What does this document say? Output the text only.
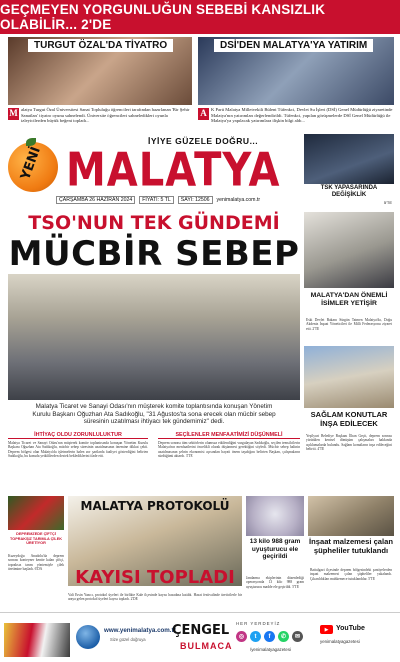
GEÇMEYEN YORGUNLUĞUN SEBEBİ KANSIZLIK OLABİLİR... 2'DE
TURGUT ÖZAL'DA TİYATRO
M alatya Turgut Özal Üniversitesi Sanat Topluluğu öğrencileri tarafından hazırlanan 'Bir Şehir Sanatları' tiyatro oyunu sahnelendi. Üniversite öğrencileri sahneledikleri oyunla izleyicilerden büyük beğeni topladı...
DSİ'DEN MALATYA'YA YATIRIM
A K Parti Malatya Milletvekili Bülent Tüfenkci, Devlet Su İşleri (DSİ) Genel Müdürlüğü ziyaretinde Malatya'nın yatırımları değerlendirildi. Tüfenkci, yapılan görüşmelerde DSİ Genel Müdürlüğü ile Malatya'ya yapılacak yatırımlara ilişkin bilgi aldı...
YENİ
İYİYE GÜZELE DOĞRU...
MALATYA
ÇARŞAMBA 26 HAZİRAN 2024	FİYATI: 5 TL	SAYI: 12506	yenimalatya.com.tr
TSK YAPASARINDA DEĞİŞİKLİK
5'TE
TSO'NUN TEK GÜNDEMİ
MÜCBİR SEBEP
Malatya Ticaret ve Sanayi Odası'nın müşterek komite toplantısında konuşan Yönetim Kurulu Başkanı Oğuzhan Ata Sadıkoğlu, "31 Ağustos'ta sona erecek olan mücbir sebep süresinin uzatılması ihtiyacı tek gündemimiz" dedi.
İHTİYAÇ OLDU ZORUNLULUKTUR
Malatya Ticaret ve Sanayi Odası'nın müşterek komite toplantısında konuşan Yönetim Kurulu Başkanı Oğuzhan Ata Sadıkoğlu, mücbir sebep süresinin uzatılmasının önemine dikkat çekti. Deprem bölgesi olan Malatya'da işletmelerin halen zor şartlarda faaliyet gösterdiğini belirten Sadıkoğlu, bu konuda yetkililerden destek beklediklerini ifade etti.
SEÇİLENLER MENFAATİMİZİ DÜŞÜNMELİ
Deprem sonrası tüm sektörlerin olumsuz etkilendiğini vurgulayan Sadıkoğlu, seçilen temsilcilerin Malatya'nın menfaatlerini öncelikli olarak düşünmesi gerektiğini söyledi. Mücbir sebep halinin uzatılmasının şehrin ekonomisi açısından hayati önem taşıdığını belirten Başkan, çalışmaların sürdüğünü aktardı. 3'TE
MALATYA'DAN ÖNEMLİ İSİMLER YETİŞİR
Eski Devlet Bakanı Sürgün Tatmen Malatya'da, Doğu Akdeniz İnşaat Yöneticileri ile Milli Federasyonu ziyaret etti. 2'TE
SAĞLAM KONUTLAR İNŞA EDİLECEK
Yeşilyurt Belediye Başkanı İlhan Geçit, deprem sonrası yürütülen kentsel dönüşüm çalışmaları hakkında açıklamalarda bulundu. Sağlam konutların inşa edileceğini belirtti. 4'TE
DEPREMZEDE ÇİFTÇİ TOPRAKSIZ TARIMLA ÇİLEK ÜRETİYOR
Kuzeydoğu Anadolu'da deprem sonrası konteyner kentte kalan çiftçi, topraksız tarım yöntemiyle çilek üretimine başladı. 6'DA
MALATYA PROTOKOLÜ
KAYISI TOPLADI
Vali Ersin Yazıcı, protokol üyeleri ile birlikte Kale ilçesinde kayısı hasadına katıldı. Hasat festivalinde üreticilerle bir araya gelen protokol üyeleri kayısı topladı. 2'DE
13 kilo 988 gram uyuşturucu ele geçirildi
Jandarma ekiplerinin düzenlediği operasyonda 13 kilo 988 gram uyuşturucu madde ele geçirildi. 5'TE
İnşaat malzemesi çalan şüpheliler tutuklandı
Battalgazi ilçesinde deprem bölgesindeki şantiyelerden inşaat malzemesi çalan şüpheliler yakalandı. Çıkarıldıkları mahkemece tutuklandılar. 5'TE
www.yenimalatya.com.tr
Size güzel doğruya
ÇENGEL
BULMACA
HER YERDEYİZ
◎	t	f	✆	✉
/yenimalatyagazetesi
▶	YouTube
yenimalatyagazetesi
